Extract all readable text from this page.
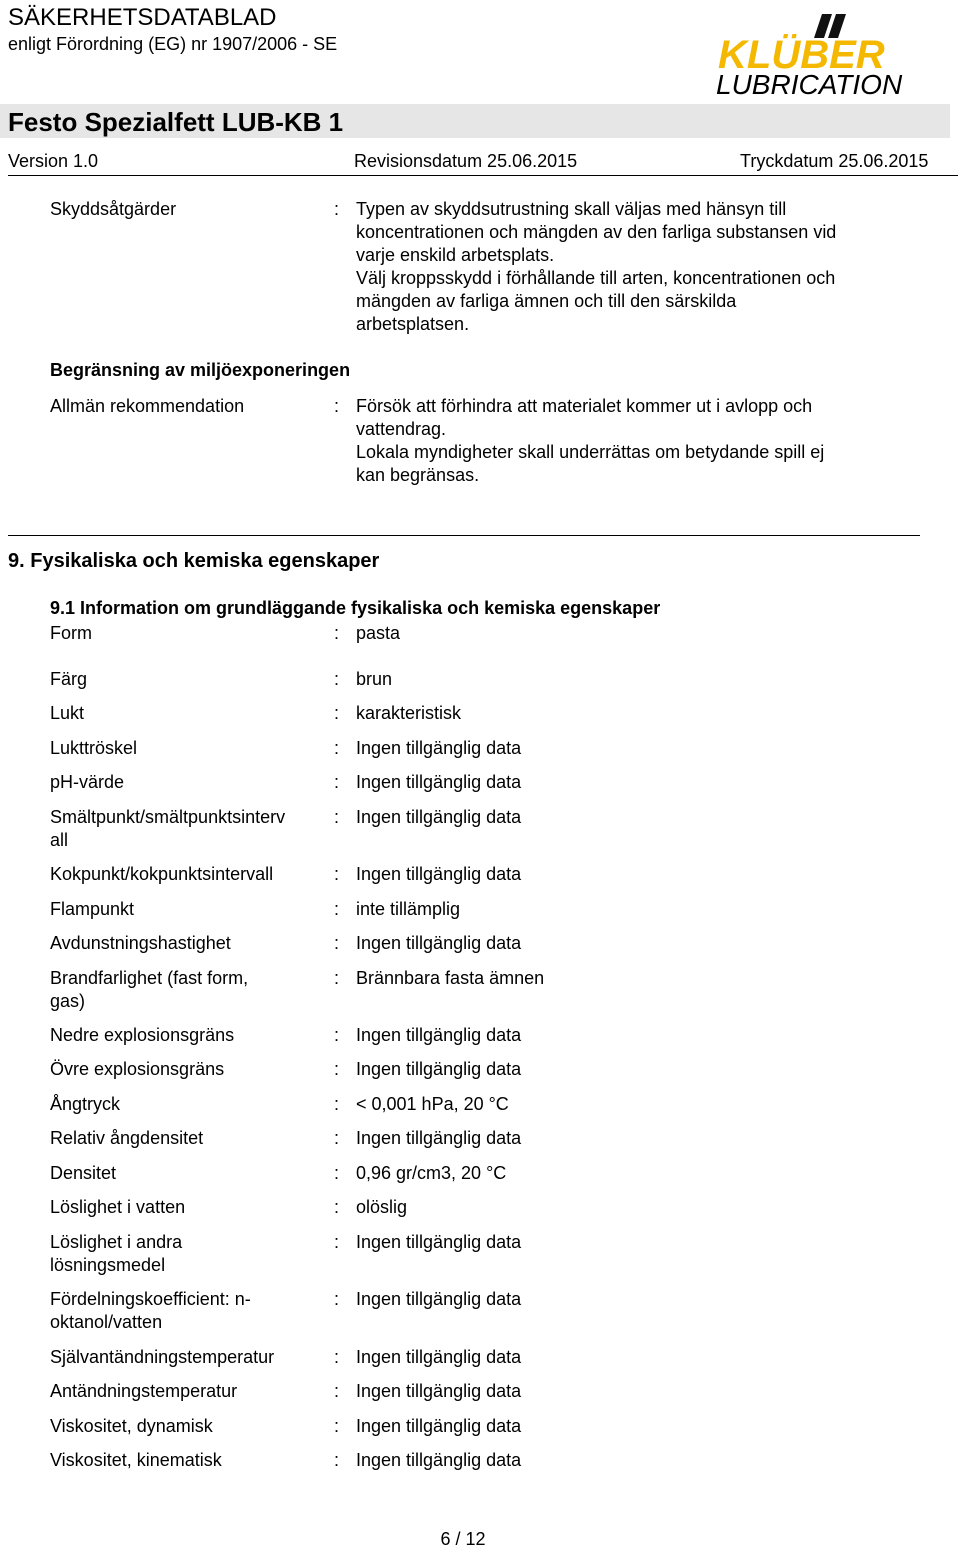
SÄKERHETSDATABLAD
enligt Förordning (EG) nr 1907/2006 - SE	KLÜBER
LUBRICATION
Festo Spezialfett LUB-KB 1
Version 1.0	Revisionsdatum 25.06.2015	Tryckdatum 25.06.2015
Skyddsåtgärder	: Typen av skyddsutrustning skall väljas med hänsyn till
koncentrationen och mängden av den farliga substansen vid
varje enskild arbetsplats.
Välj kroppsskydd i förhållande till arten, koncentrationen och
mängden av farliga ämnen och till den särskilda
arbetsplatsen.
Begränsning av miljöexponeringen
Allmän rekommendation	: Försök att förhindra att materialet kommer ut i avlopp och
vattendrag.
Lokala myndigheter skall underrättas om betydande spill ej
kan begränsas.
9. Fysikaliska och kemiska egenskaper
9.1 Information om grundläggande fysikaliska och kemiska egenskaper
Form	: pasta
Färg	: brun
Lukt	: karakteristisk
Lukttröskel	: Ingen tillgänglig data
pH-värde	: Ingen tillgänglig data
Smältpunkt/smältpunktsinterv
all
: Ingen tillgänglig data
Kokpunkt/kokpunktsintervall	: Ingen tillgänglig data
Flampunkt	: inte tillämplig
Avdunstningshastighet	: Ingen tillgänglig data
Brandfarlighet (fast form,
gas)
: Brännbara fasta ämnen
Nedre explosionsgräns	: Ingen tillgänglig data
Övre explosionsgräns	: Ingen tillgänglig data
Ångtryck	: < 0,001 hPa, 20 °C
Relativ ångdensitet	: Ingen tillgänglig data
Densitet	: 0,96 gr/cm3, 20 °C
Löslighet i vatten	: olöslig
Löslighet i andra
lösningsmedel
: Ingen tillgänglig data
Fördelningskoefficient: n-
oktanol/vatten
: Ingen tillgänglig data
Självantändningstemperatur	: Ingen tillgänglig data
Antändningstemperatur	: Ingen tillgänglig data
Viskositet, dynamisk	: Ingen tillgänglig data
Viskositet, kinematisk	: Ingen tillgänglig data
6 / 12
